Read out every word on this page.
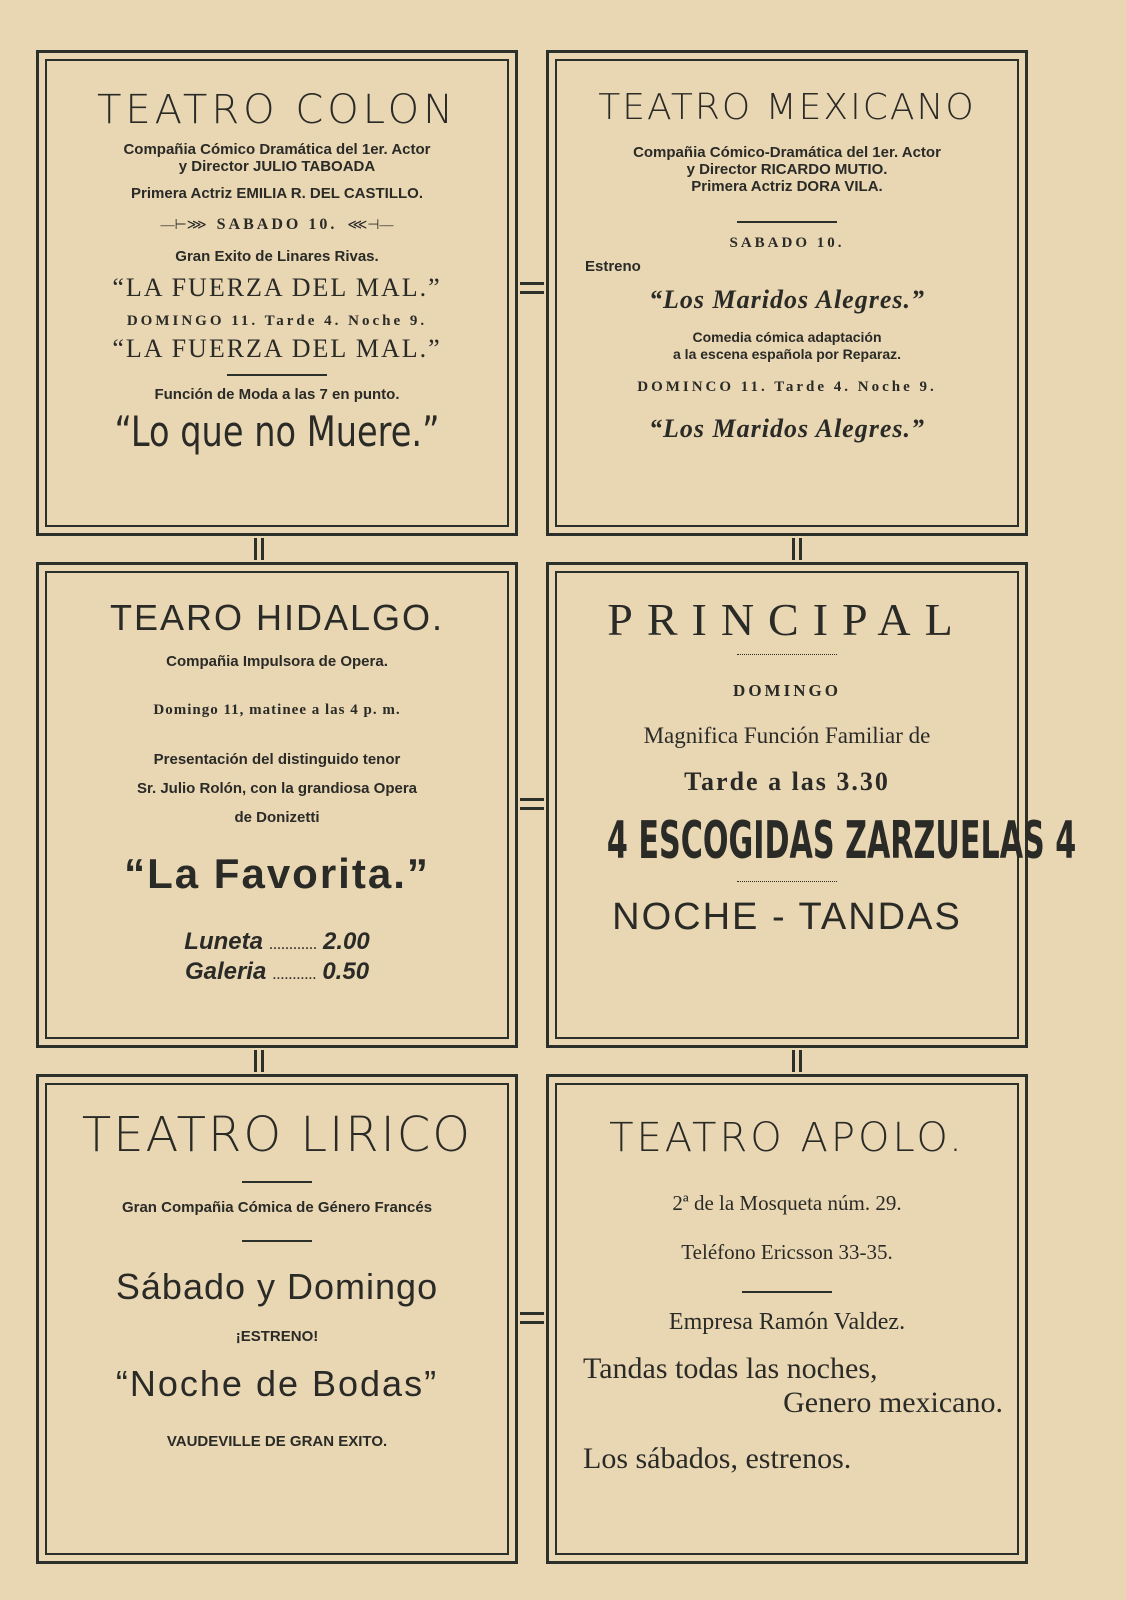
TEATRO COLON
Compañia Cómico Dramática del 1er. Actor
y Director JULIO TABOADA
Primera Actriz EMILIA R. DEL CASTILLO.
—⊢⋙ SABADO 10. ⋘⊣—
Gran Exito de Linares Rivas.
“LA FUERZA DEL MAL.”
DOMINGO 11. Tarde 4. Noche 9.
“LA FUERZA DEL MAL.”
Función de Moda a las 7 en punto.
“Lo que no Muere.”
TEATRO MEXICANO
Compañia Cómico-Dramática del 1er. Actor
y Director RICARDO MUTIO.
Primera Actriz DORA VILA.
SABADO 10.
Estreno
“Los Maridos Alegres.”
Comedia cómica adaptación
a la escena española por Reparaz.
DOMINCO 11. Tarde 4. Noche 9.
“Los Maridos Alegres.”
TEARO HIDALGO.
Compañia Impulsora de Opera.
Domingo 11, matinee a las 4 p. m.
Presentación del distinguido tenor
Sr. Julio Rolón, con la grandiosa Opera
de Donizetti
“La Favorita.”
Luneta ............ 2.00
Galeria ........... 0.50
PRINCIPAL
DOMINGO
Magnifica Función Familiar de
Tarde a las 3.30
4 ESCOGIDAS ZARZUELAS 4
NOCHE - TANDAS
TEATRO LIRICO
Gran Compañia Cómica de Género Francés
Sábado y Domingo
¡ESTRENO!
“Noche de Bodas”
VAUDEVILLE DE GRAN EXITO.
TEATRO APOLO.
2ª de la Mosqueta núm. 29.
Teléfono Ericsson 33-35.
Empresa Ramón Valdez.
Tandas todas las noches,
Genero mexicano.
Los sábados, estrenos.
